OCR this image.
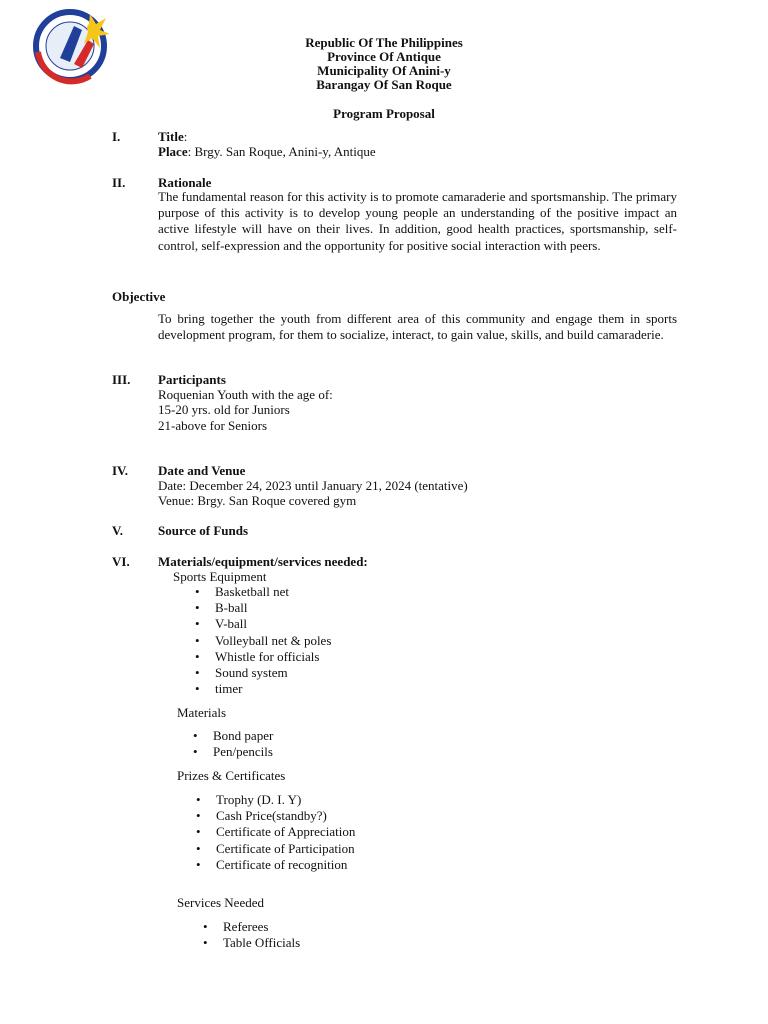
Republic Of The Philippines
Province Of Antique
Municipality Of Anini-y
Barangay Of San Roque
Program Proposal
I.	Title:
Place: Brgy. San Roque, Anini-y, Antique
II.	Rationale
The fundamental reason for this activity is to promote camaraderie and sportsmanship. The primary purpose of this activity is to develop young people an understanding of the positive impact an active lifestyle will have on their lives. In addition, good health practices, sportsmanship, self-control, self-expression and the opportunity for positive social interaction with peers.
Objective
To bring together the youth from different area of this community and engage them in sports development program, for them to socialize, interact, to gain value, skills, and build camaraderie.
III. Participants
Roquenian Youth with the age of:
15-20 yrs. old for Juniors
21-above for Seniors
IV. Date and Venue
Date: December 24, 2023 until January 21, 2024 (tentative)
Venue: Brgy. San Roque covered gym
V.	Source of Funds
VI. Materials/equipment/services needed:
Sports Equipment
• Basketball net
• B-ball
• V-ball
• Volleyball net & poles
• Whistle for officials
• Sound system
• timer
Materials
• Bond paper
• Pen/pencils
Prizes & Certificates
• Trophy (D. I. Y)
• Cash Price(standby?)
• Certificate of Appreciation
• Certificate of Participation
• Certificate of recognition
Services Needed
• Referees
• Table Officials
